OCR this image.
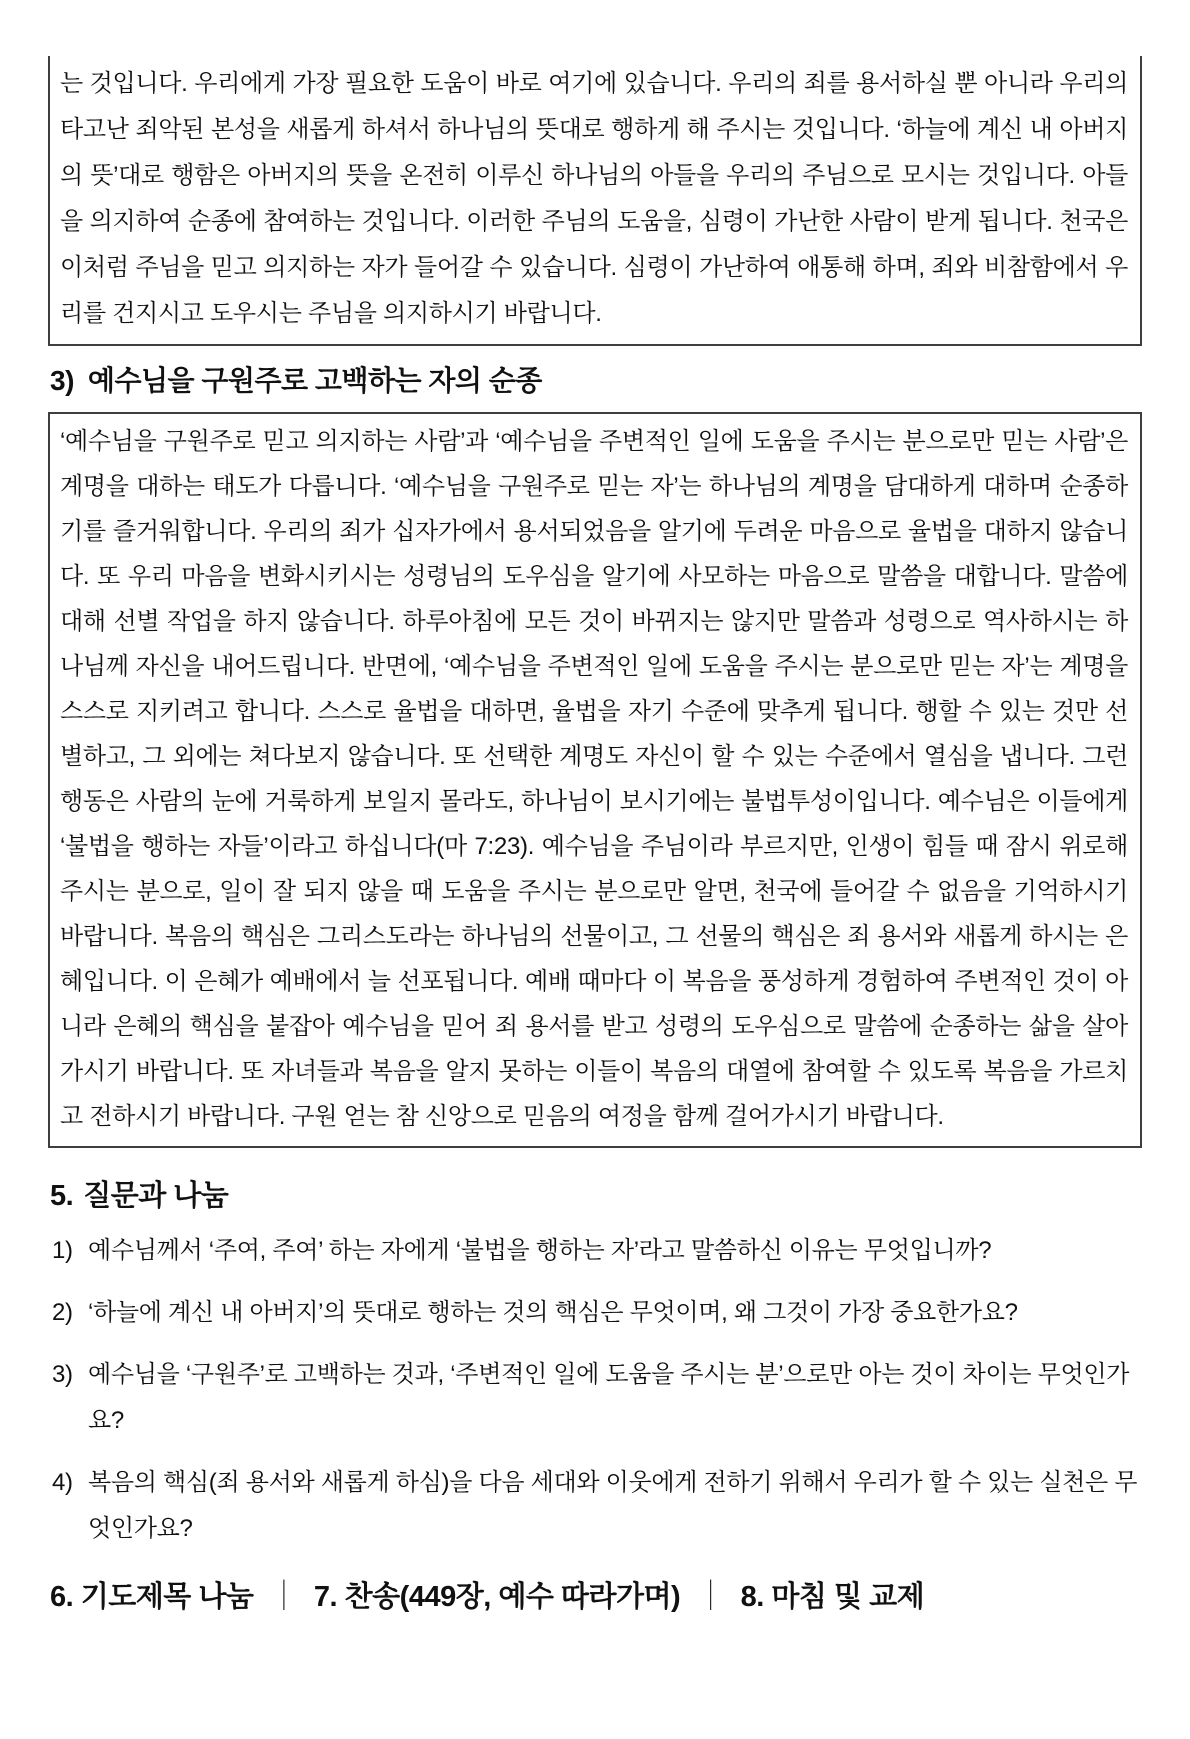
는 것입니다. 우리에게 가장 필요한 도움이 바로 여기에 있습니다. 우리의 죄를 용서하실 뿐 아니라 우리의 타고난 죄악된 본성을 새롭게 하셔서 하나님의 뜻대로 행하게 해 주시는 것입니다. ‘하늘에 계신 내 아버지의 뜻’대로 행함은 아버지의 뜻을 온전히 이루신 하나님의 아들을 우리의 주님으로 모시는 것입니다. 아들을 의지하여 순종에 참여하는 것입니다. 이러한 주님의 도움을, 심령이 가난한 사람이 받게 됩니다. 천국은 이처럼 주님을 믿고 의지하는 자가 들어갈 수 있습니다. 심령이 가난하여 애통해 하며, 죄와 비참함에서 우리를 건지시고 도우시는 주님을 의지하시기 바랍니다.

3) 예수님을 구원주로 고백하는 자의 순종

‘예수님을 구원주로 믿고 의지하는 사람’과 ‘예수님을 주변적인 일에 도움을 주시는 분으로만 믿는 사람’은 계명을 대하는 태도가 다릅니다. ‘예수님을 구원주로 믿는 자’는 하나님의 계명을 담대하게 대하며 순종하기를 즐거워합니다. 우리의 죄가 십자가에서 용서되었음을 알기에 두려운 마음으로 율법을 대하지 않습니다. 또 우리 마음을 변화시키시는 성령님의 도우심을 알기에 사모하는 마음으로 말씀을 대합니다. 말씀에 대해 선별 작업을 하지 않습니다. 하루아침에 모든 것이 바뀌지는 않지만 말씀과 성령으로 역사하시는 하나님께 자신을 내어드립니다. 반면에, ‘예수님을 주변적인 일에 도움을 주시는 분으로만 믿는 자’는 계명을 스스로 지키려고 합니다. 스스로 율법을 대하면, 율법을 자기 수준에 맞추게 됩니다. 행할 수 있는 것만 선별하고, 그 외에는 쳐다보지 않습니다. 또 선택한 계명도 자신이 할 수 있는 수준에서 열심을 냅니다. 그런 행동은 사람의 눈에 거룩하게 보일지 몰라도, 하나님이 보시기에는 불법투성이입니다. 예수님은 이들에게 ‘불법을 행하는 자들’이라고 하십니다(마 7:23). 예수님을 주님이라 부르지만, 인생이 힘들 때 잠시 위로해 주시는 분으로, 일이 잘 되지 않을 때 도움을 주시는 분으로만 알면, 천국에 들어갈 수 없음을 기억하시기 바랍니다. 복음의 핵심은 그리스도라는 하나님의 선물이고, 그 선물의 핵심은 죄 용서와 새롭게 하시는 은혜입니다. 이 은혜가 예배에서 늘 선포됩니다. 예배 때마다 이 복음을 풍성하게 경험하여 주변적인 것이 아니라 은혜의 핵심을 붙잡아 예수님을 믿어 죄 용서를 받고 성령의 도우심으로 말씀에 순종하는 삶을 살아가시기 바랍니다. 또 자녀들과 복음을 알지 못하는 이들이 복음의 대열에 참여할 수 있도록 복음을 가르치고 전하시기 바랍니다. 구원 얻는 참 신앙으로 믿음의 여정을 함께 걸어가시기 바랍니다.

5. 질문과 나눔
1) 예수님께서 ‘주여, 주여’ 하는 자에게 ‘불법을 행하는 자’라고 말씀하신 이유는 무엇입니까?
2) ‘하늘에 계신 내 아버지’의 뜻대로 행하는 것의 핵심은 무엇이며, 왜 그것이 가장 중요한가요?
3) 예수님을 ‘구원주’로 고백하는 것과, ‘주변적인 일에 도움을 주시는 분’으로만 아는 것이 차이는 무엇인가요?
4) 복음의 핵심(죄 용서와 새롭게 하심)을 다음 세대와 이웃에게 전하기 위해서 우리가 할 수 있는 실천은 무엇인가요?
6. 기도제목 나눔 ｜ 7. 찬송(449장, 예수 따라가며) ｜ 8. 마침 및 교제
